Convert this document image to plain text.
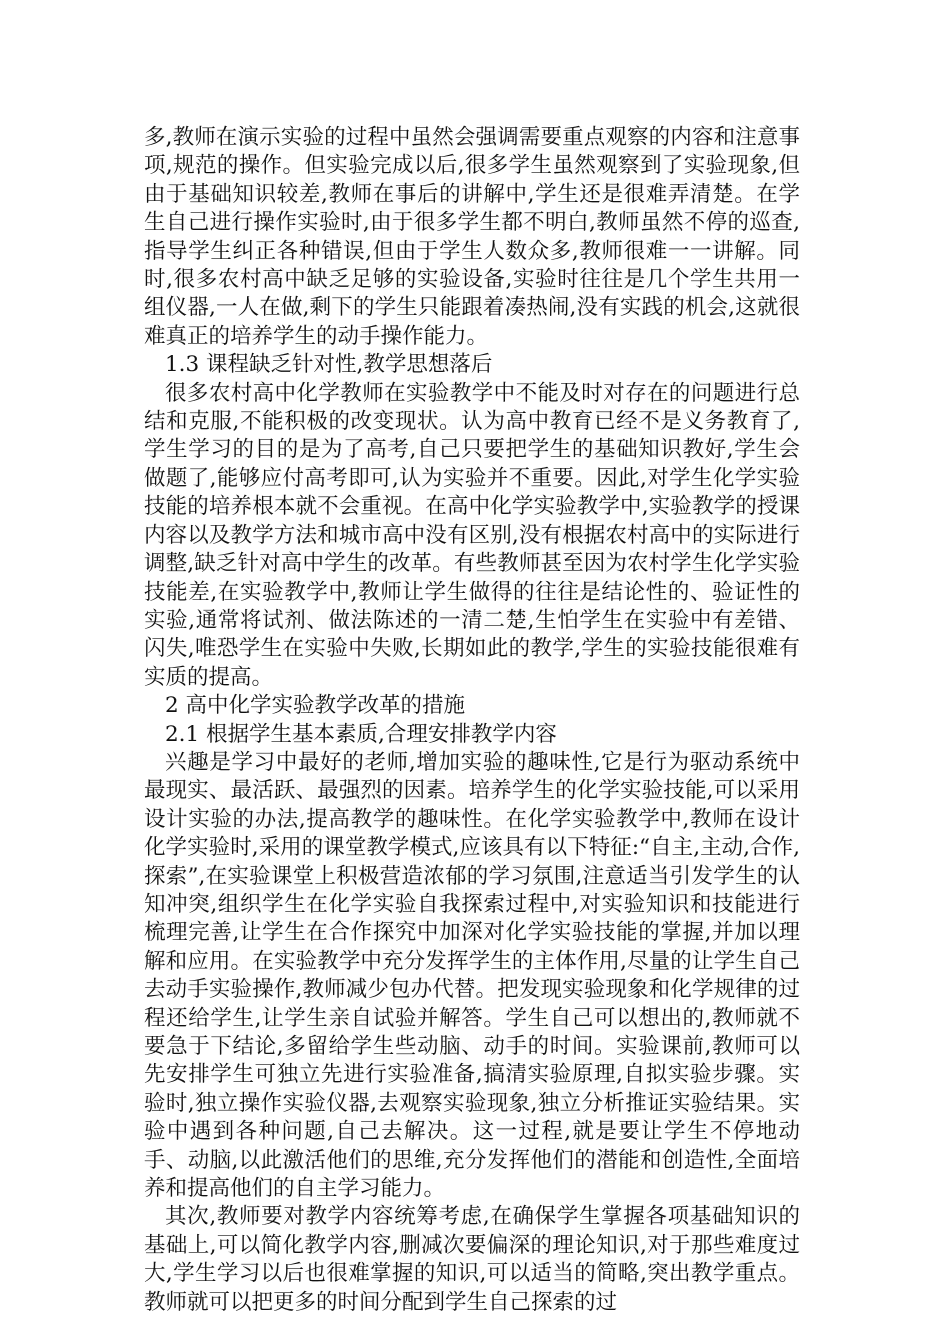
多,教师在演示实验的过程中虽然会强调需要重点观察的内容和注意事项,规范的操作。但实验完成以后,很多学生虽然观察到了实验现象,但由于基础知识较差,教师在事后的讲解中,学生还是很难弄清楚。在学生自己进行操作实验时,由于很多学生都不明白,教师虽然不停的巡查,指导学生纠正各种错误,但由于学生人数众多,教师很难一一讲解。同时,很多农村高中缺乏足够的实验设备,实验时往往是几个学生共用一组仪器,一人在做,剩下的学生只能跟着凑热闹,没有实践的机会,这就很难真正的培养学生的动手操作能力。

1.3 课程缺乏针对性,教学思想落后

很多农村高中化学教师在实验教学中不能及时对存在的问题进行总结和克服,不能积极的改变现状。认为高中教育已经不是义务教育了,学生学习的目的是为了高考,自己只要把学生的基础知识教好,学生会做题了,能够应付高考即可,认为实验并不重要。因此,对学生化学实验技能的培养根本就不会重视。在高中化学实验教学中,实验教学的授课内容以及教学方法和城市高中没有区别,没有根据农村高中的实际进行调整,缺乏针对高中学生的改革。有些教师甚至因为农村学生化学实验技能差,在实验教学中,教师让学生做得的往往是结论性的、验证性的实验,通常将试剂、做法陈述的一清二楚,生怕学生在实验中有差错、闪失,唯恐学生在实验中失败,长期如此的教学,学生的实验技能很难有实质的提高。

2 高中化学实验教学改革的措施

2.1 根据学生基本素质,合理安排教学内容

兴趣是学习中最好的老师,增加实验的趣味性,它是行为驱动系统中最现实、最活跃、最强烈的因素。培养学生的化学实验技能,可以采用设计实验的办法,提高教学的趣味性。在化学实验教学中,教师在设计化学实验时,采用的课堂教学模式,应该具有以下特征:“自主,主动,合作,探索”,在实验课堂上积极营造浓郁的学习氛围,注意适当引发学生的认知冲突,组织学生在化学实验自我探索过程中,对实验知识和技能进行梳理完善,让学生在合作探究中加深对化学实验技能的掌握,并加以理解和应用。在实验教学中充分发挥学生的主体作用,尽量的让学生自己去动手实验操作,教师减少包办代替。把发现实验现象和化学规律的过程还给学生,让学生亲自试验并解答。学生自己可以想出的,教师就不要急于下结论,多留给学生些动脑、动手的时间。实验课前,教师可以先安排学生可独立先进行实验准备,搞清实验原理,自拟实验步骤。实验时,独立操作实验仪器,去观察实验现象,独立分析推证实验结果。实验中遇到各种问题,自己去解决。这一过程,就是要让学生不停地动手、动脑,以此激活他们的思维,充分发挥他们的潜能和创造性,全面培养和提高他们的自主学习能力。

其次,教师要对教学内容统筹考虑,在确保学生掌握各项基础知识的基础上,可以简化教学内容,删减次要偏深的理论知识,对于那些难度过大,学生学习以后也很难掌握的知识,可以适当的简略,突出教学重点。教师就可以把更多的时间分配到学生自己探索的过
